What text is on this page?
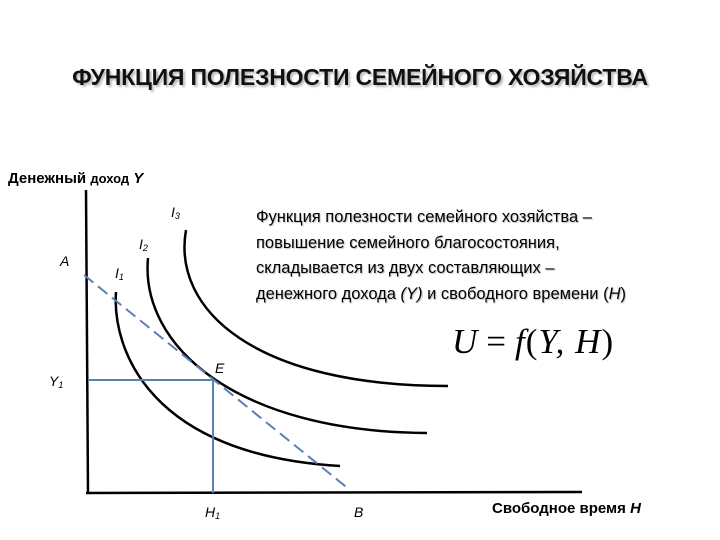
ФУНКЦИЯ ПОЛЕЗНОСТИ СЕМЕЙНОГО ХОЗЯЙСТВА
Денежный доход Y
Свободное время H
Функция полезности семейного хозяйства –
повышение семейного благосостояния,
складывается из двух составляющих –
денежного дохода (Y) и свободного времени (H)
U = f(Y, H)
$I_3$
$I_2$
$I_1$
A
E
$Y_1$
$H_1$	B
